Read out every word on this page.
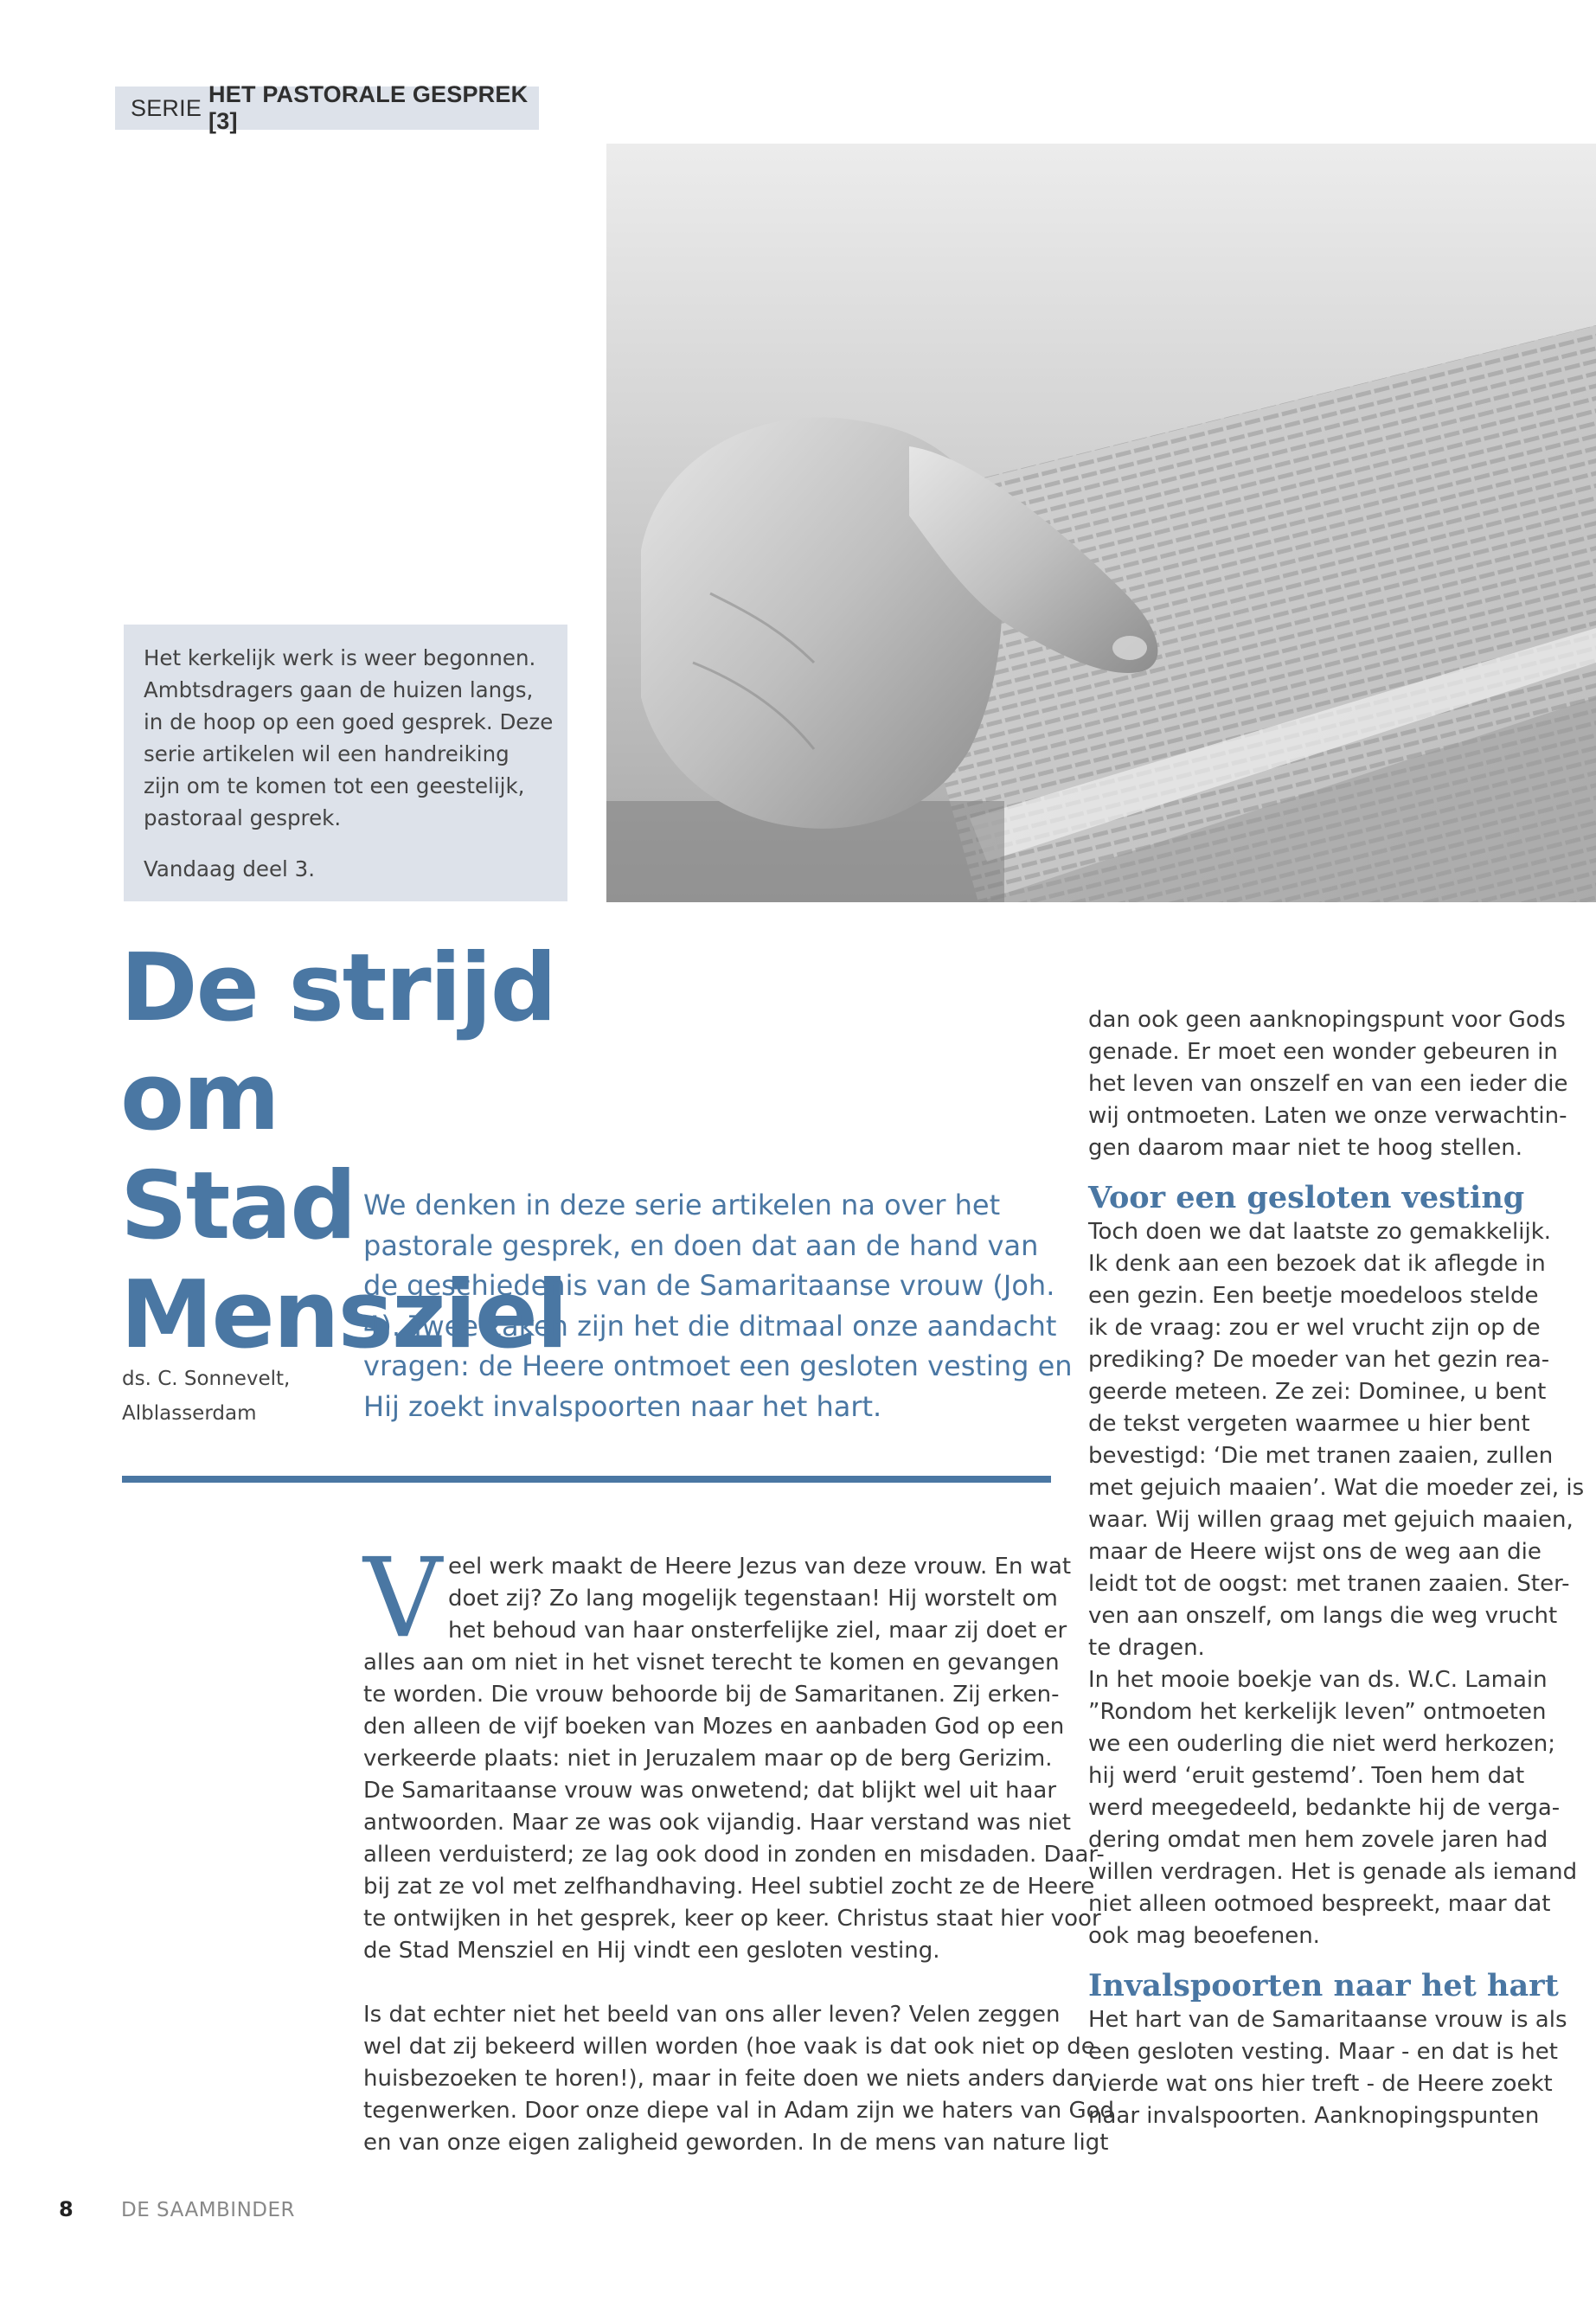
SERIE
HET PASTORALE GESPREK [3]
Het kerkelijk werk is weer begonnen.
Ambtsdragers gaan de huizen langs,
in de hoop op een goed gesprek. Deze
serie artikelen wil een handreiking
zijn om te komen tot een geestelijk,
pastoraal gesprek.

Vandaag deel 3.

De strijd om
Stad Mensziel
We denken in deze serie artikelen na over het
pastorale gesprek, en doen dat aan de hand van
de geschiedenis van de Samaritaanse vrouw (Joh.
4). Twee zaken zijn het die ditmaal onze aandacht
vragen: de Heere ontmoet een gesloten vesting en
Hij zoekt invalspoorten naar het hart.
ds. C. Sonnevelt,
Alblasserdam
V eel werk maakt de Heere Jezus van deze vrouw. En wat
doet zij? Zo lang mogelijk tegenstaan! Hij worstelt om
het behoud van haar onsterfelijke ziel, maar zij doet er
alles aan om niet in het visnet terecht te komen en gevangen
te worden. Die vrouw behoorde bij de Samaritanen. Zij erken-
den alleen de vijf boeken van Mozes en aanbaden God op een
verkeerde plaats: niet in Jeruzalem maar op de berg Gerizim.
De Samaritaanse vrouw was onwetend; dat blijkt wel uit haar
antwoorden. Maar ze was ook vijandig. Haar verstand was niet
alleen verduisterd; ze lag ook dood in zonden en misdaden. Daar-
bij zat ze vol met zelfhandhaving. Heel subtiel zocht ze de Heere
te ontwijken in het gesprek, keer op keer. Christus staat hier voor
de Stad Mensziel en Hij vindt een gesloten vesting.
Is dat echter niet het beeld van ons aller leven? Velen zeggen
wel dat zij bekeerd willen worden (hoe vaak is dat ook niet op de
huisbezoeken te horen!), maar in feite doen we niets anders dan
tegenwerken. Door onze diepe val in Adam zijn we haters van God
en van onze eigen zaligheid geworden. In de mens van nature ligt
dan ook geen aanknopingspunt voor Gods
genade. Er moet een wonder gebeuren in
het leven van onszelf en van een ieder die
wij ontmoeten. Laten we onze verwachtin-
gen daarom maar niet te hoog stellen.
Voor een gesloten vesting
Toch doen we dat laatste zo gemakkelijk.
Ik denk aan een bezoek dat ik aflegde in
een gezin. Een beetje moedeloos stelde
ik de vraag: zou er wel vrucht zijn op de
prediking? De moeder van het gezin rea-
geerde meteen. Ze zei: Dominee, u bent
de tekst vergeten waarmee u hier bent
bevestigd: ‘Die met tranen zaaien, zullen
met gejuich maaien’. Wat die moeder zei, is
waar. Wij willen graag met gejuich maaien,
maar de Heere wijst ons de weg aan die
leidt tot de oogst: met tranen zaaien. Ster-
ven aan onszelf, om langs die weg vrucht
te dragen.
In het mooie boekje van ds. W.C. Lamain
”Rondom het kerkelijk leven” ontmoeten
we een ouderling die niet werd herkozen;
hij werd ‘eruit gestemd’. Toen hem dat
werd meegedeeld, bedankte hij de verga-
dering omdat men hem zovele jaren had
willen verdragen. Het is genade als iemand
niet alleen ootmoed bespreekt, maar dat
ook mag beoefenen.
Invalspoorten naar het hart
Het hart van de Samaritaanse vrouw is als
een gesloten vesting. Maar - en dat is het
vierde wat ons hier treft - de Heere zoekt
naar invalspoorten. Aanknopingspunten
8 DE SAAMBINDER
